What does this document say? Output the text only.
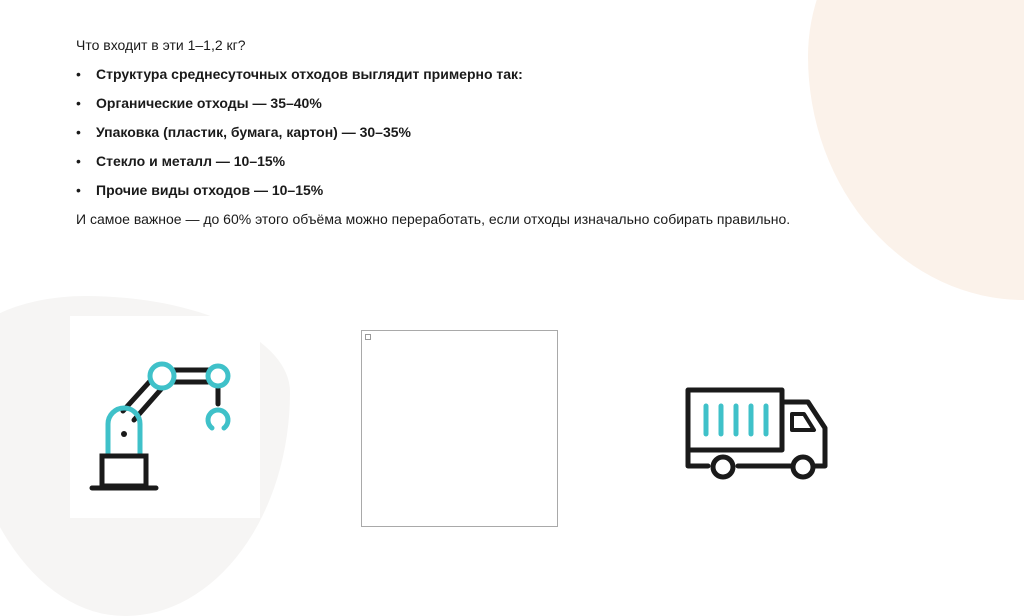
Что входит в эти 1–1,2 кг?
• Структура среднесуточных отходов выглядит примерно так:
• Органические отходы — 35–40%
• Упаковка (пластик, бумага, картон) — 30–35%
• Стекло и металл — 10–15%
• Прочие виды отходов — 10–15%
И самое важное — до 60% этого объёма можно переработать, если отходы изначально собирать правильно.
